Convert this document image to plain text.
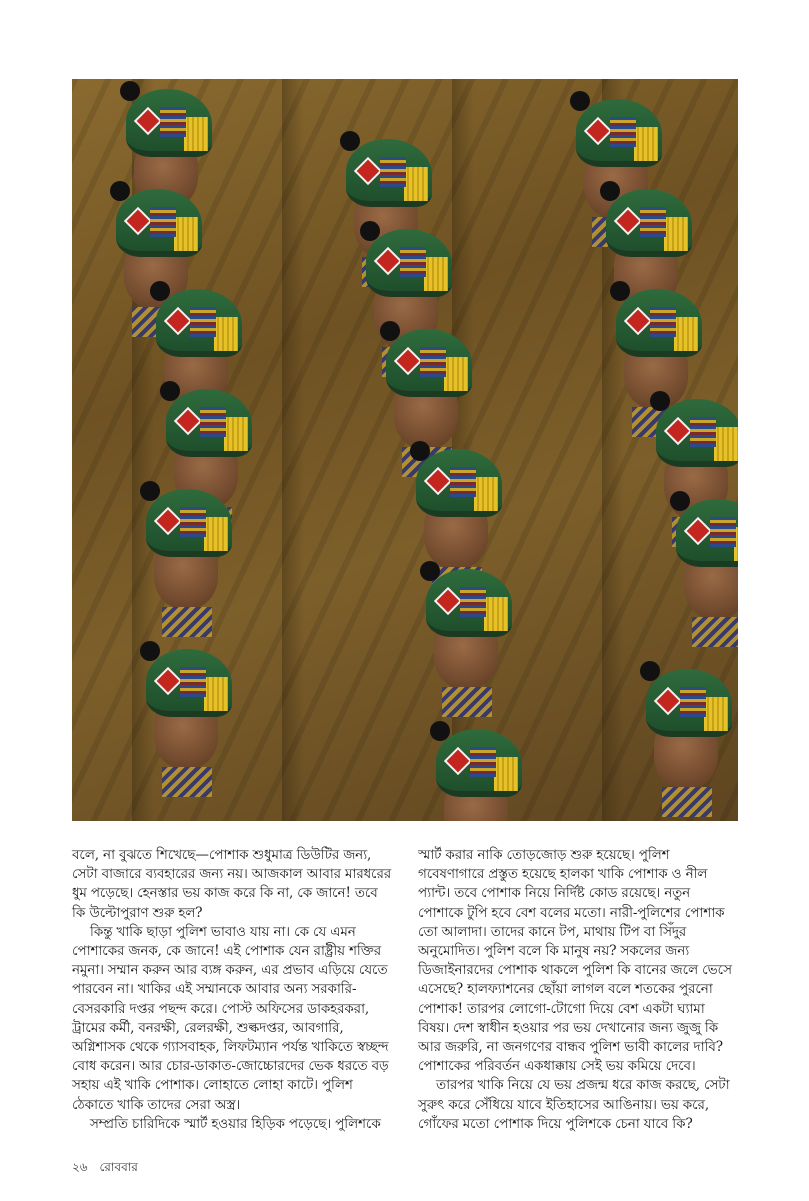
বলে, না বুঝতে শিখেছে—পোশাক শুধুমাত্র ডিউটির জন্য, সেটা বাজারে ব্যবহারের জন্য নয়। আজকাল আবার মারধরের ধুম পড়েছে। হেনস্তার ভয় কাজ করে কি না, কে জানে! তবে কি উল্টোপুরাণ শুরু হল?

কিন্তু খাকি ছাড়া পুলিশ ভাবাও যায় না। কে যে এমন পোশাকের জনক, কে জানে! এই পোশাক যেন রাষ্ট্রীয় শক্তির নমুনা। সম্মান করুন আর ব্যঙ্গ করুন, এর প্রভাব এড়িয়ে যেতে পারবেন না। খাকির এই সম্মানকে আবার অন্য সরকারি-বেসরকারি দপ্তর পছন্দ করে। পোস্ট অফিসের ডাকহরকরা, ট্রামের কর্মী, বনরক্ষী, রেলরক্ষী, শুল্কদপ্তর, আবগারি, অগ্নিশাসক থেকে গ্যাসবাহক, লিফটম্যান পর্যন্ত খাকিতে স্বচ্ছন্দ বোধ করেন। আর চোর-ডাকাত-জোচ্চোরদের ভেক ধরতে বড় সহায় এই খাকি পোশাক। লোহাতে লোহা কাটে। পুলিশ ঠেকাতে খাকি তাদের সেরা অস্ত্র।

সম্প্রতি চারিদিকে স্মার্ট হওয়ার হিড়িক পড়েছে। পুলিশকে

স্মার্ট করার নাকি তোড়জোড় শুরু হয়েছে। পুলিশ গবেষণাগারে প্রস্তুত হয়েছে হালকা খাকি পোশাক ও নীল প্যান্ট। তবে পোশাক নিয়ে নির্দিষ্ট কোড রয়েছে। নতুন পোশাকে টুপি হবে বেশ বলের মতো। নারী-পুলিশের পোশাক তো আলাদা। তাদের কানে টপ, মাথায় টিপ বা সিঁদুর অনুমোদিত। পুলিশ বলে কি মানুষ নয়? সকলের জন্য ডিজাইনারদের পোশাক থাকলে পুলিশ কি বানের জলে ভেসে এসেছে? হালফ্যাশনের ছোঁয়া লাগল বলে শতকের পুরনো পোশাক! তারপর লোগো-টোগো দিয়ে বেশ একটা ঘ্যামা বিষয়। দেশ স্বাধীন হওয়ার পর ভয় দেখানোর জন্য জুজু কি আর জরুরি, না জনগণের বান্ধব পুলিশ ভাবী কালের দাবি? পোশাকের পরিবর্তন একধাক্কায় সেই ভয় কমিয়ে দেবে।

তারপর খাকি নিয়ে যে ভয় প্রজন্ম ধরে কাজ করছে, সেটা সুরুৎ করে সেঁধিয়ে যাবে ইতিহাসের আঙিনায়। ভয় করে, গোঁফের মতো পোশাক দিয়ে পুলিশকে চেনা যাবে কি?

২৬ রোববার
